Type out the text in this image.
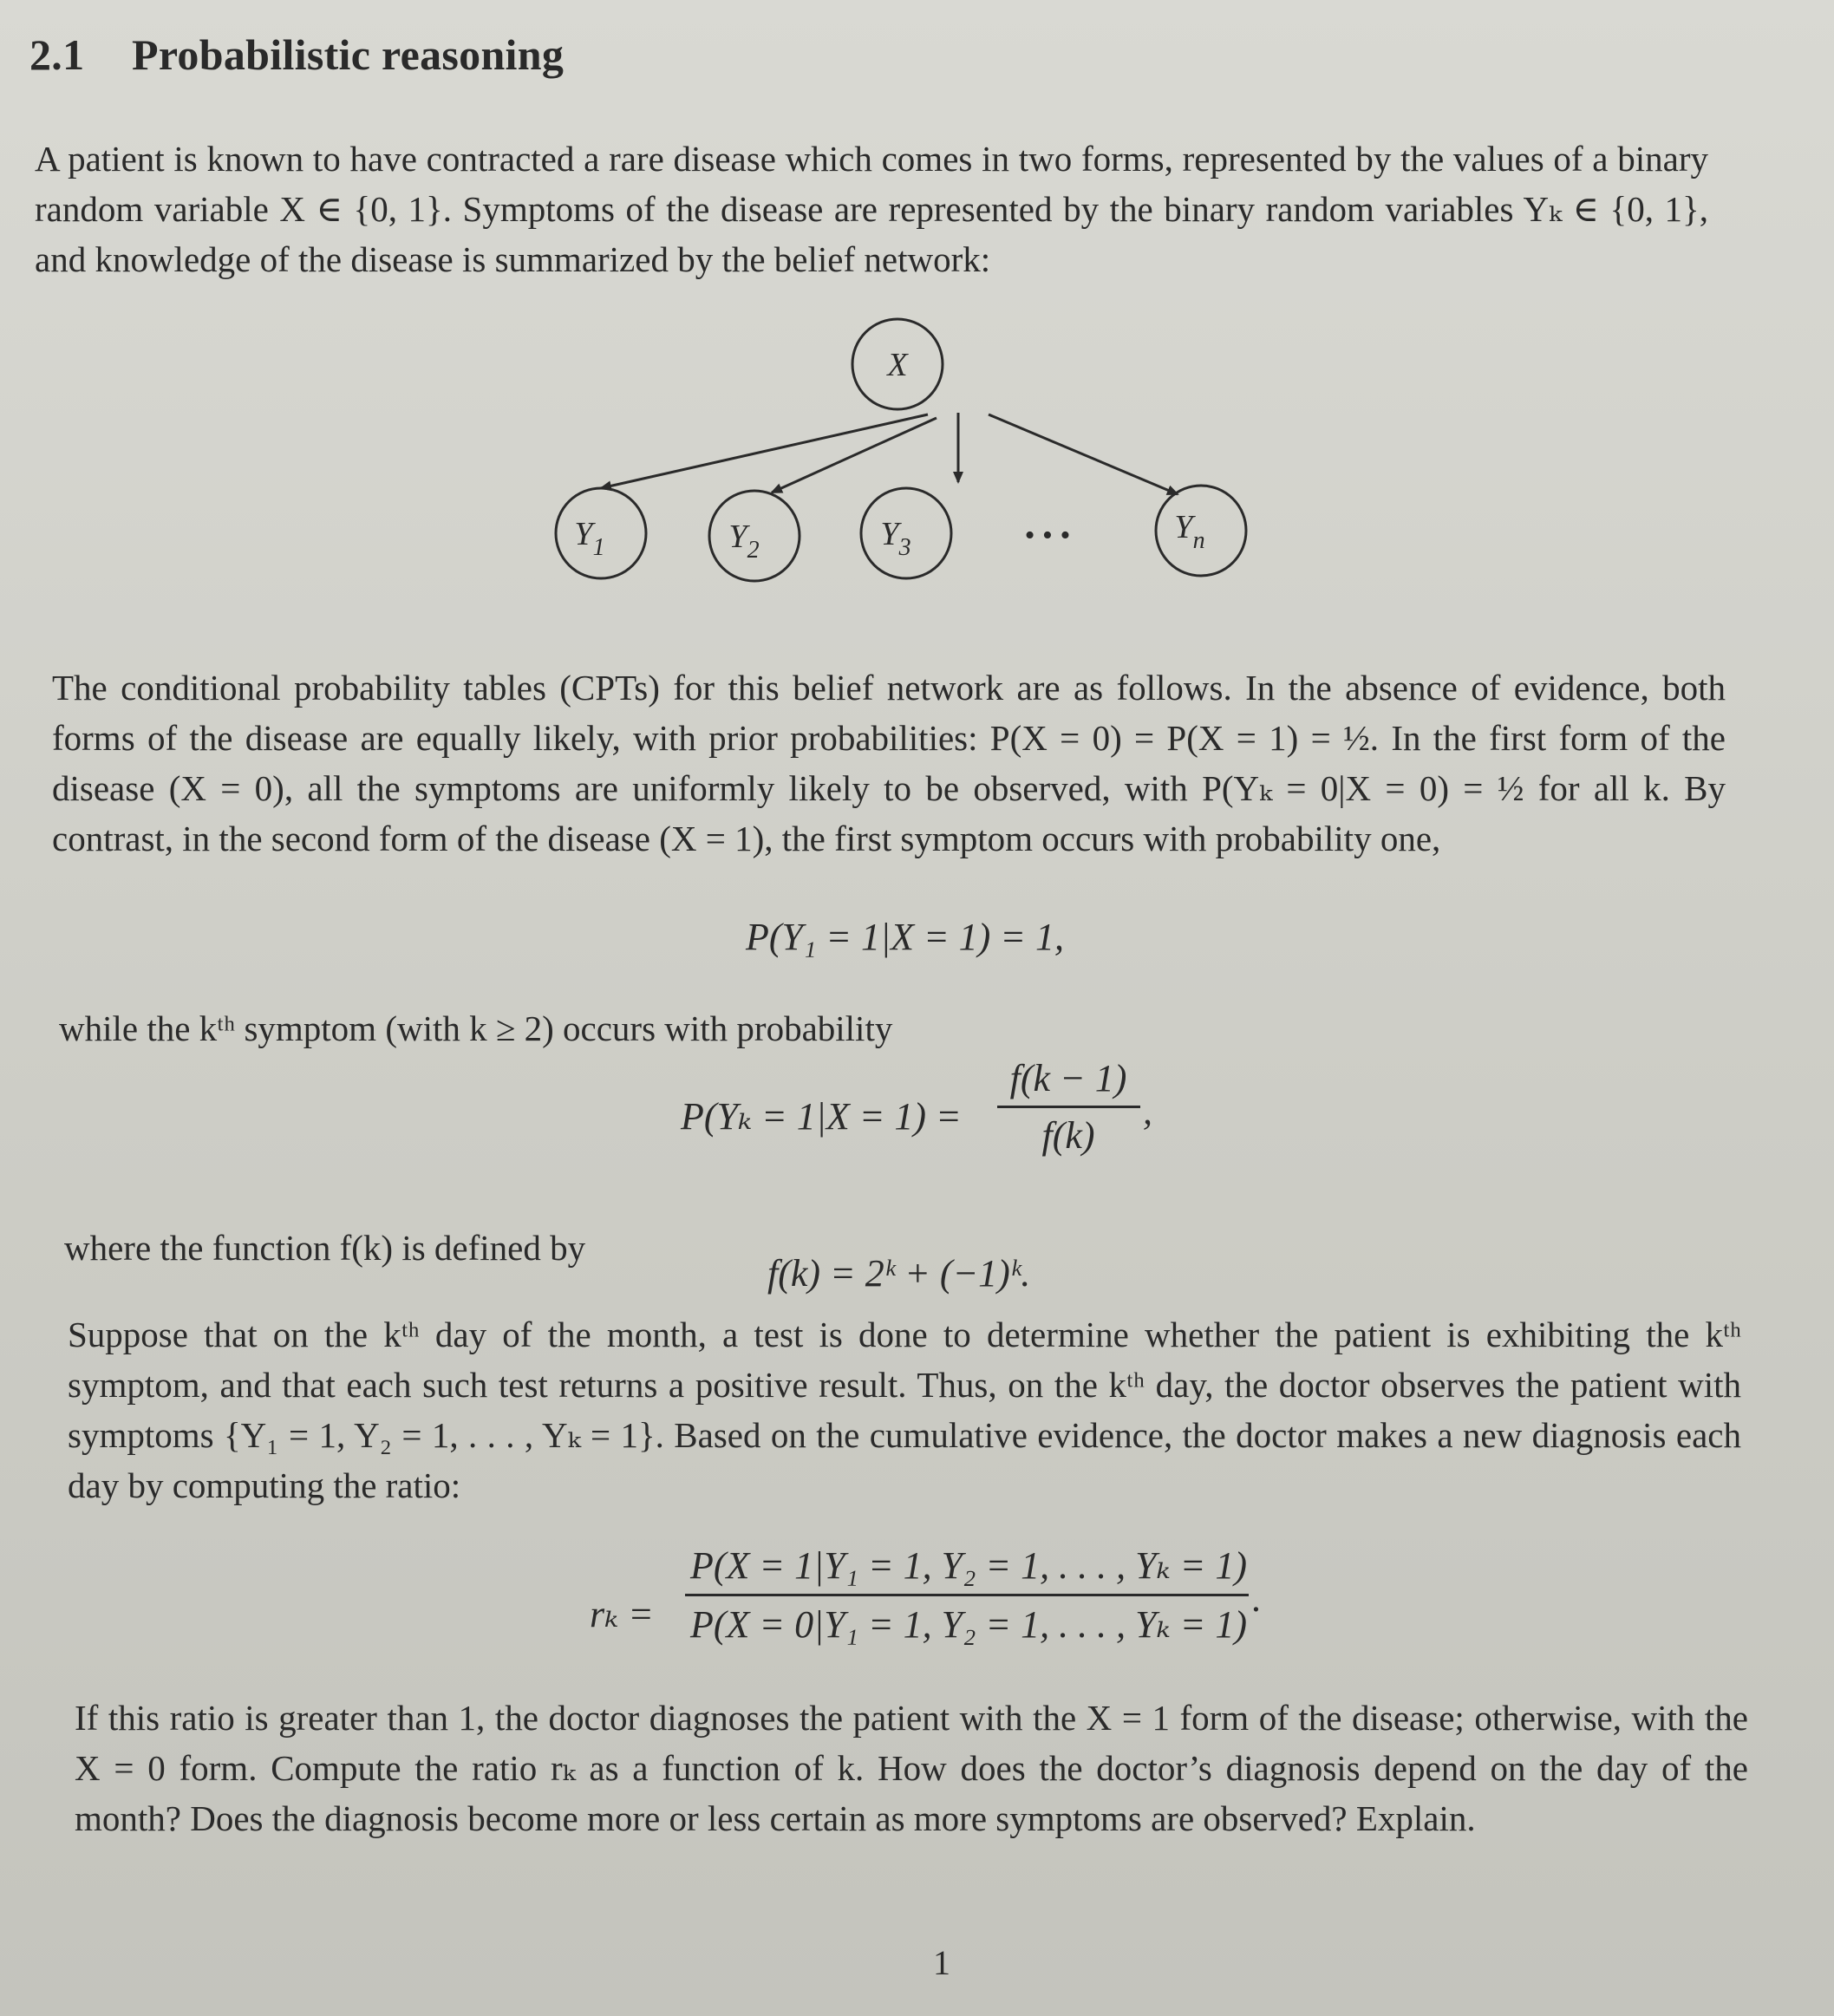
2.1 Probabilistic reasoning

A patient is known to have contracted a rare disease which comes in two forms, represented by the values of a binary random variable X ∈ {0, 1}. Symptoms of the disease are represented by the binary random variables Yₖ ∈ {0, 1}, and knowledge of the disease is summarized by the belief network:

X
$Y_1$	$Y_2$	$Y_3$	• • •	$Y_n$

The conditional probability tables (CPTs) for this belief network are as follows. In the absence of evidence, both forms of the disease are equally likely, with prior probabilities: P(X = 0) = P(X = 1) = ½. In the first form of the disease (X = 0), all the symptoms are uniformly likely to be observed, with P(Yₖ = 0|X = 0) = ½ for all k. By contrast, in the second form of the disease (X = 1), the first symptom occurs with probability one,

P(Y₁ = 1|X = 1) = 1,
while the kᵗʰ symptom (with k ≥ 2) occurs with probability
P(Yₖ = 1|X = 1) =
f(k − 1)
f(k)
,
where the function f(k) is defined by
f(k) = 2ᵏ + (−1)ᵏ.

Suppose that on the kᵗʰ day of the month, a test is done to determine whether the patient is exhibiting the kᵗʰ symptom, and that each such test returns a positive result. Thus, on the kᵗʰ day, the doctor observes the patient with symptoms {Y₁ = 1, Y₂ = 1, . . . , Yₖ = 1}. Based on the cumulative evidence, the doctor makes a new diagnosis each day by computing the ratio:

rₖ =
P(X = 1|Y₁ = 1, Y₂ = 1, . . . , Yₖ = 1)
P(X = 0|Y₁ = 1, Y₂ = 1, . . . , Yₖ = 1)
.

If this ratio is greater than 1, the doctor diagnoses the patient with the X = 1 form of the disease; otherwise, with the X = 0 form. Compute the ratio rₖ as a function of k. How does the doctor’s diagnosis depend on the day of the month? Does the diagnosis become more or less certain as more symptoms are observed? Explain.

1
